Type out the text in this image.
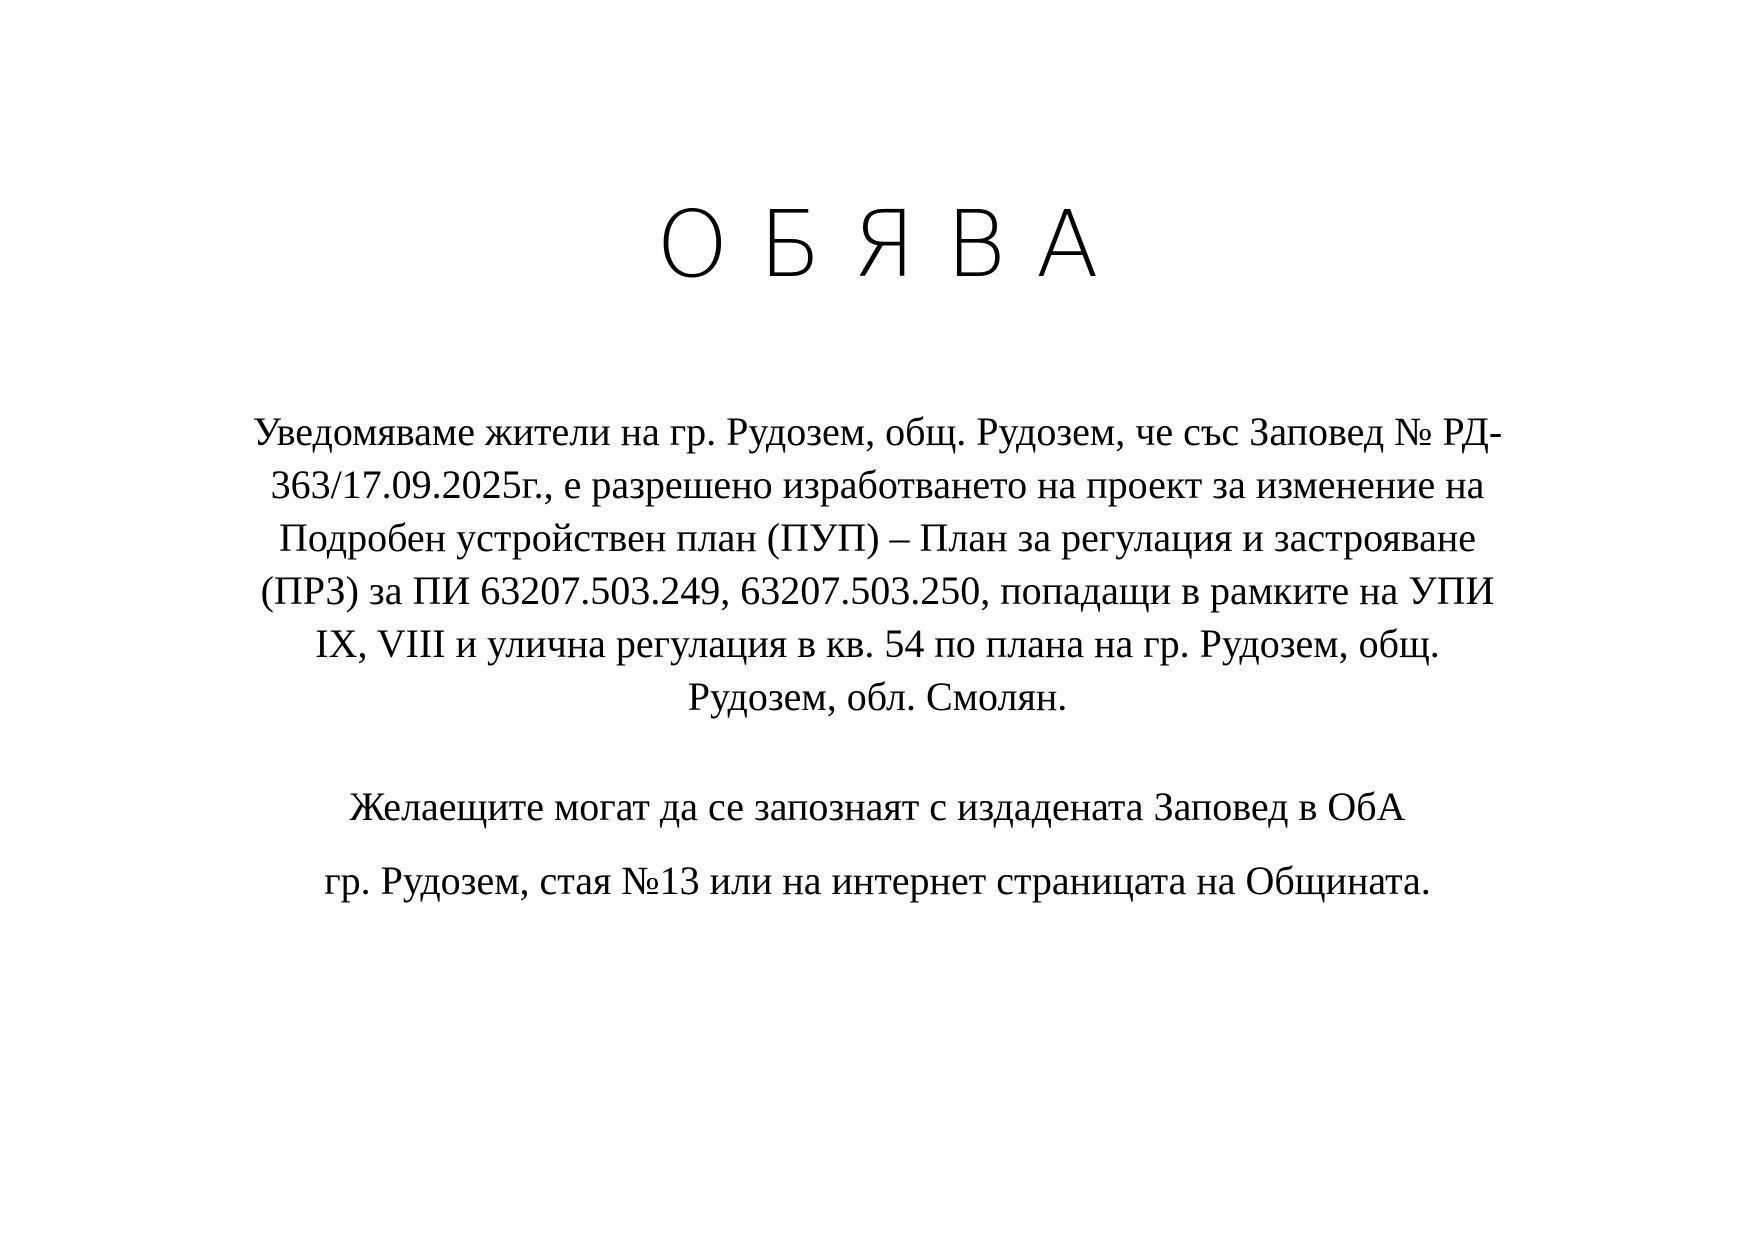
ОБЯВА

Уведомяваме жители на гр. Рудозем, общ. Рудозем, че със Заповед № РД-
363/17.09.2025г., е разрешено изработването на проект за изменение на
Подробен устройствен план (ПУП) – План за регулация и застрояване
(ПРЗ) за ПИ 63207.503.249, 63207.503.250, попадащи в рамките на УПИ
IX, VIII и улична регулация в кв. 54 по плана на гр. Рудозем, общ.
Рудозем, обл. Смолян.

Желаещите могат да се запознаят с издадената Заповед в ОбА

гр. Рудозем, стая №13 или на интернет страницата на Общината.
